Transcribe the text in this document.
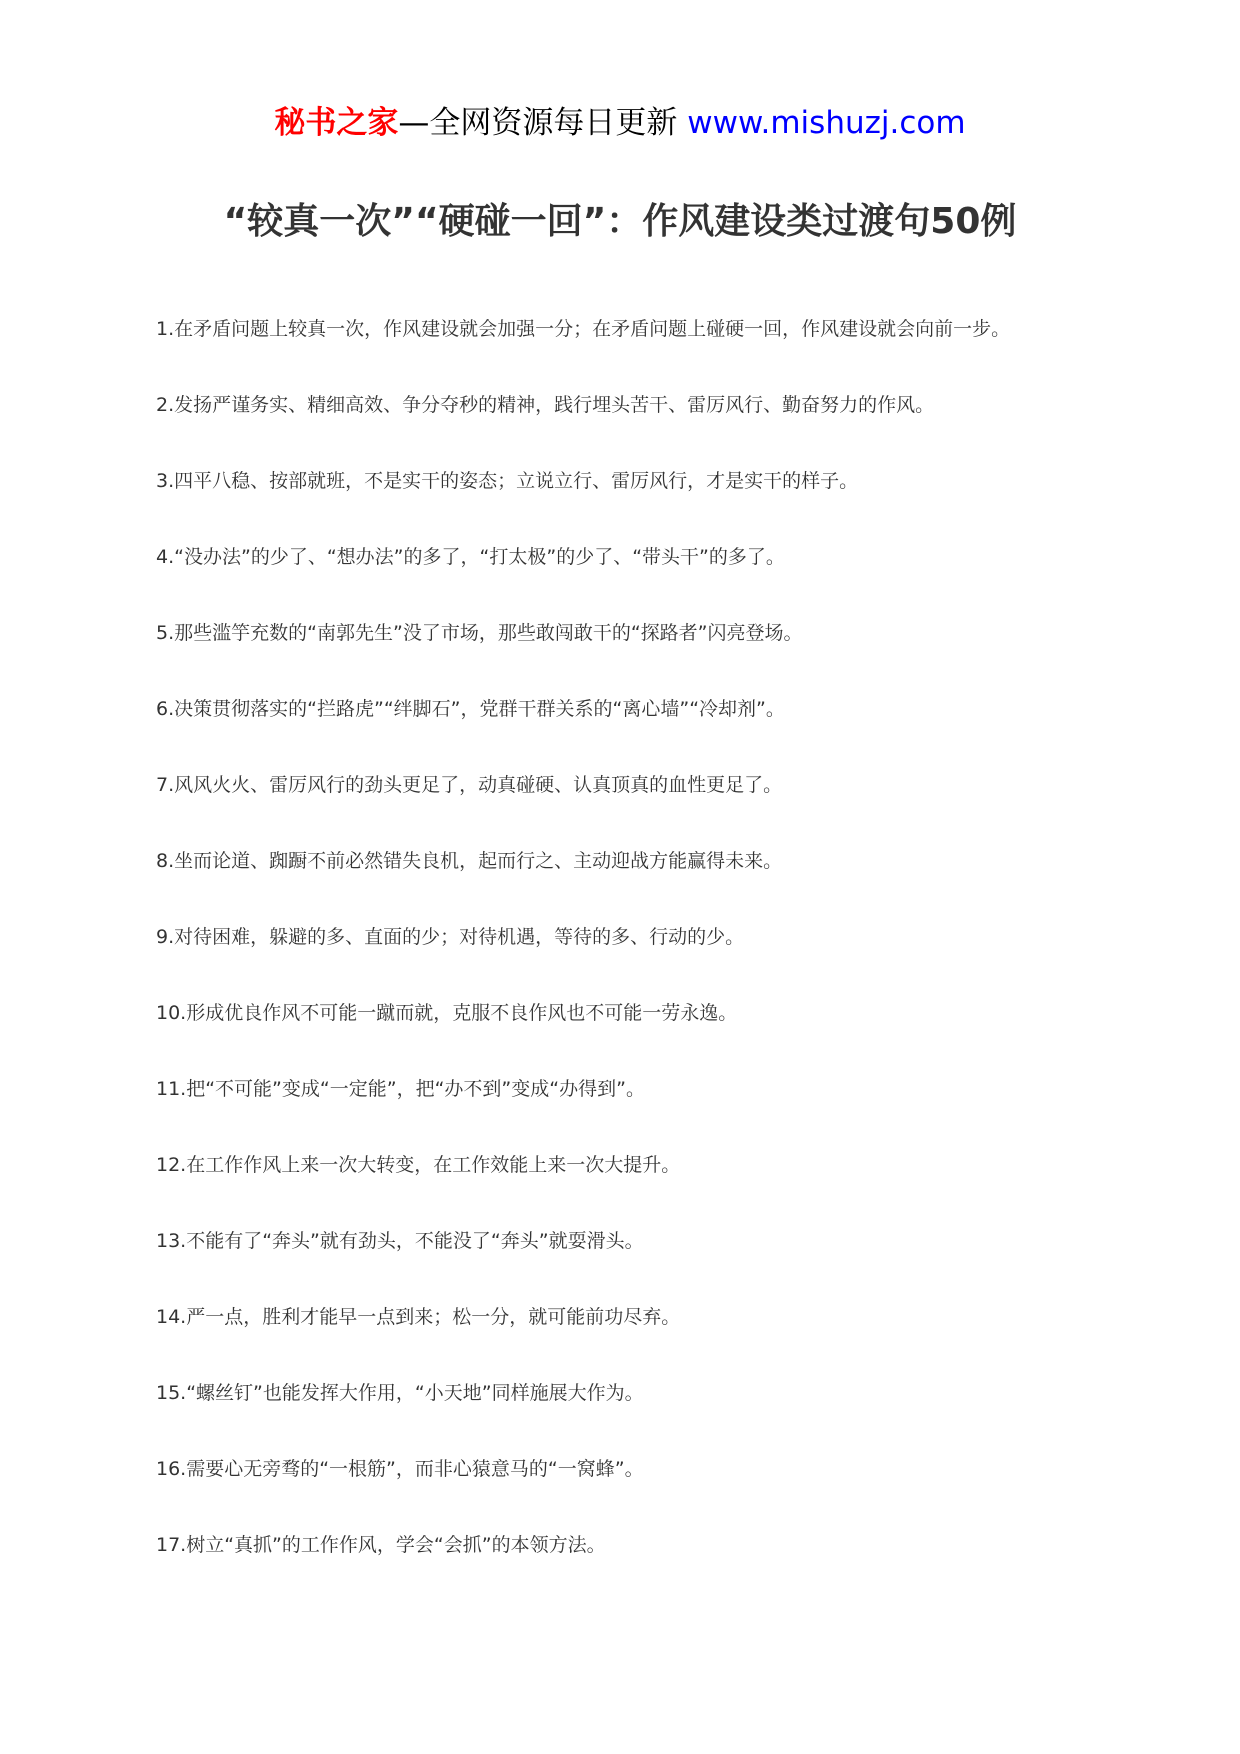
秘书之家—全网资源每日更新 www.mishuzj.com
“较真一次”“硬碰一回”：作风建设类过渡句50例
1.在矛盾问题上较真一次，作风建设就会加强一分；在矛盾问题上碰硬一回，作风建设就会向前一步。
2.发扬严谨务实、精细高效、争分夺秒的精神，践行埋头苦干、雷厉风行、勤奋努力的作风。
3.四平八稳、按部就班，不是实干的姿态；立说立行、雷厉风行，才是实干的样子。
4.“没办法”的少了、“想办法”的多了，“打太极”的少了、“带头干”的多了。
5.那些滥竽充数的“南郭先生”没了市场，那些敢闯敢干的“探路者”闪亮登场。
6.决策贯彻落实的“拦路虎”“绊脚石”，党群干群关系的“离心墙”“冷却剂”。
7.风风火火、雷厉风行的劲头更足了，动真碰硬、认真顶真的血性更足了。
8.坐而论道、踟蹰不前必然错失良机，起而行之、主动迎战方能赢得未来。
9.对待困难，躲避的多、直面的少；对待机遇，等待的多、行动的少。
10.形成优良作风不可能一蹴而就，克服不良作风也不可能一劳永逸。
11.把“不可能”变成“一定能”，把“办不到”变成“办得到”。
12.在工作作风上来一次大转变，在工作效能上来一次大提升。
13.不能有了“奔头”就有劲头，不能没了“奔头”就耍滑头。
14.严一点，胜利才能早一点到来；松一分，就可能前功尽弃。
15.“螺丝钉”也能发挥大作用，“小天地”同样施展大作为。
16.需要心无旁骛的“一根筋”，而非心猿意马的“一窝蜂”。
17.树立“真抓”的工作作风，学会“会抓”的本领方法。
